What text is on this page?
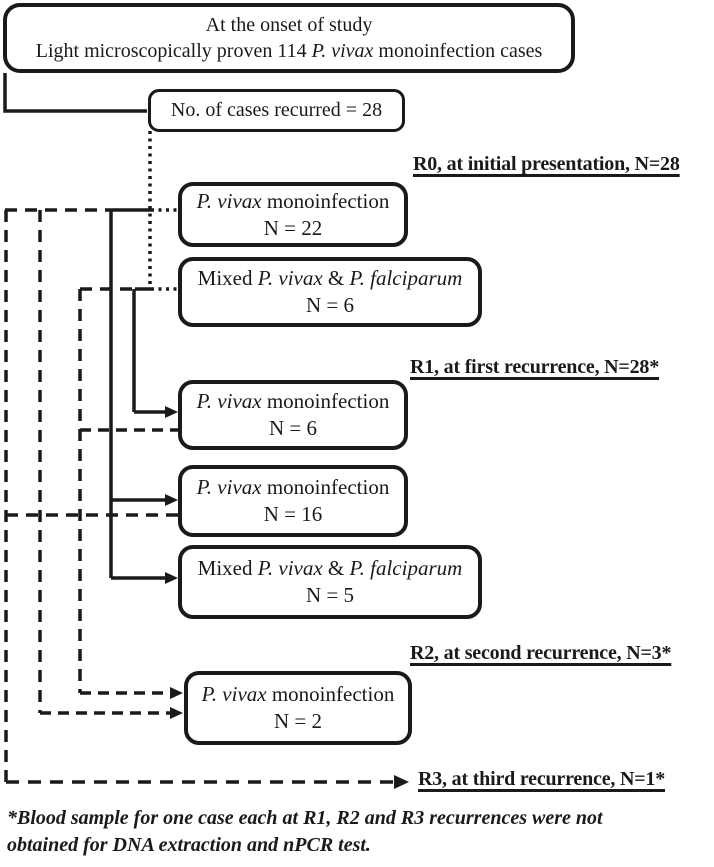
At the onset of study
Light microscopically proven 114 P. vivax monoinfection cases
No. of cases recurred = 28
R0, at initial presentation, N=28
P. vivax monoinfection
N = 22
Mixed P. vivax & P. falciparum
N = 6
R1, at first recurrence, N=28*
P. vivax monoinfection
N = 6
P. vivax monoinfection
N = 16
Mixed P. vivax & P. falciparum
N = 5
R2, at second recurrence, N=3*
P. vivax monoinfection
N = 2
R3, at third recurrence, N=1*
*Blood sample for one case each at R1, R2 and R3 recurrences were not
obtained for DNA extraction and nPCR test.
